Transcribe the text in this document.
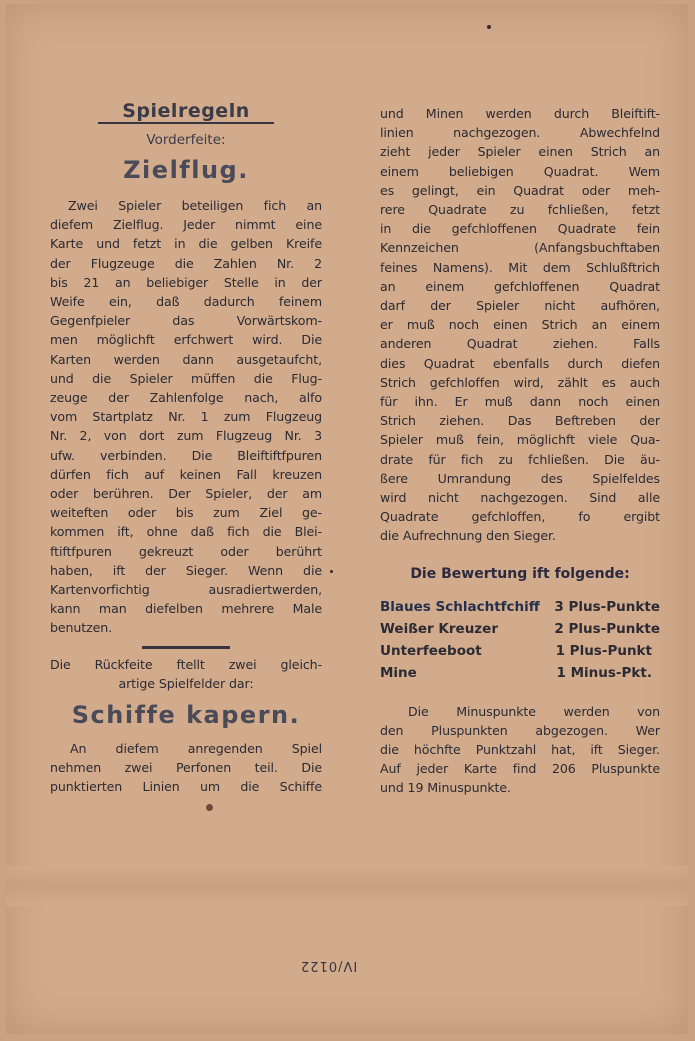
Spielregeln
Vorderfeite:
Zielflug.
Zwei Spieler beteiligen fich an
diefem Zielflug. Jeder nimmt eine
Karte und fetzt in die gelben Kreife
der Flugzeuge die Zahlen Nr. 2
bis 21 an beliebiger Stelle in der
Weife ein, daß dadurch feinem
Gegenfpieler das Vorwärtskom-
men möglichft erfchwert wird. Die
Karten werden dann ausgetaufcht,
und die Spieler müffen die Flug-
zeuge der Zahlenfolge nach, alfo
vom Startplatz Nr. 1 zum Flugzeug
Nr. 2, von dort zum Flugzeug Nr. 3
ufw. verbinden. Die Bleiftiftfpuren
dürfen fich auf keinen Fall kreuzen
oder berühren. Der Spieler, der am
weiteften oder bis zum Ziel ge-
kommen ift, ohne daß fich die Blei-
ftiftfpuren gekreuzt oder berührt
haben, ift der Sieger. Wenn die
Kartenvorfichtig ausradiertwerden,
kann man diefelben mehrere Male
benutzen.
Die Rückfeite ftellt zwei gleich-
artige Spielfelder dar:
Schiffe kapern.
An diefem anregenden Spiel
nehmen zwei Perfonen teil. Die
punktierten Linien um die Schiffe
und Minen werden durch Bleiftift-
linien nachgezogen. Abwechfelnd
zieht jeder Spieler einen Strich an
einem beliebigen Quadrat. Wem
es gelingt, ein Quadrat oder meh-
rere Quadrate zu fchließen, fetzt
in die gefchloffenen Quadrate fein
Kennzeichen (Anfangsbuchftaben
feines Namens). Mit dem Schlußftrich
an einem gefchloffenen Quadrat
darf der Spieler nicht aufhören,
er muß noch einen Strich an einem
anderen Quadrat ziehen. Falls
dies Quadrat ebenfalls durch diefen
Strich gefchloffen wird, zählt es auch
für ihn. Er muß dann noch einen
Strich ziehen. Das Beftreben der
Spieler muß fein, möglichft viele Qua-
drate für fich zu fchließen. Die äu-
ßere Umrandung des Spielfeldes
wird nicht nachgezogen. Sind alle
Quadrate gefchloffen, fo ergibt
die Aufrechnung den Sieger.
Die Bewertung ift folgende:
Blaues Schlachtfchiff 3 Plus-Punkte
Weißer Kreuzer	2 Plus-Punkte
Unterfeeboot	1 Plus-Punkt
Mine	1 Minus-Pkt.
Die Minuspunkte werden von
den Pluspunkten abgezogen. Wer
die höchfte Punktzahl hat, ift Sieger.
Auf jeder Karte find 206 Pluspunkte
und 19 Minuspunkte.
IV/0122
